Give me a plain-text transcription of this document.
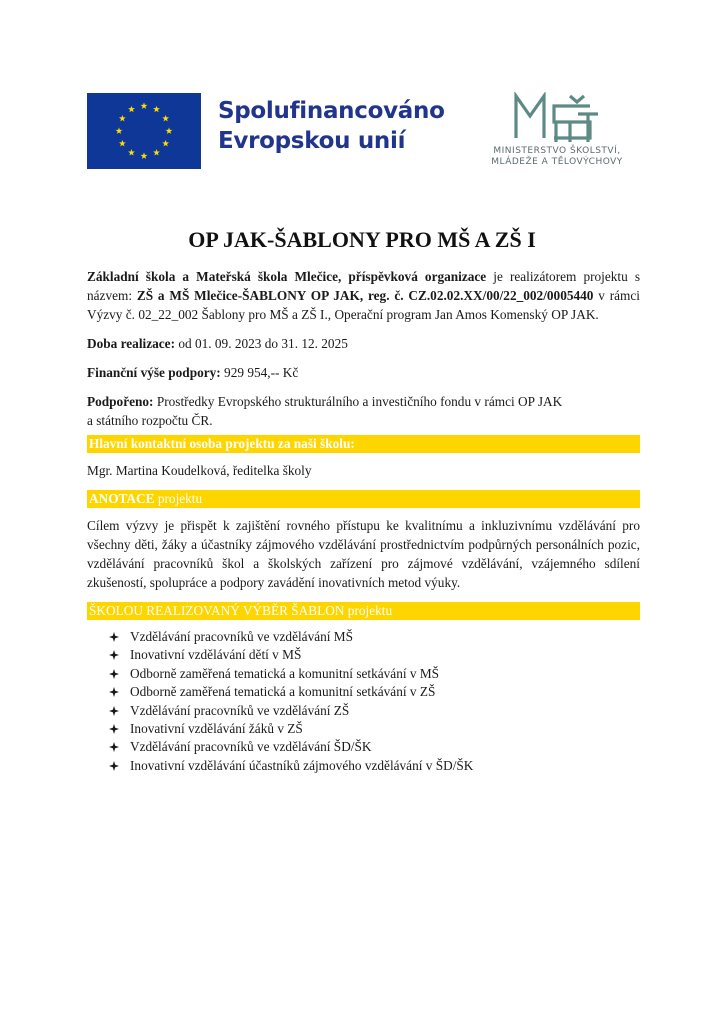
Spolufinancováno
Evropskou unií	MINISTERSTVO ŠKOLSTVÍ,
MLÁDEŽE A TĚLOVÝCHOVY
OP JAK-ŠABLONY PRO MŠ A ZŠ I

Základní škola a Mateřská škola Mlečice, příspěvková organizace je realizátorem projektu s názvem: ZŠ a MŠ Mlečice-ŠABLONY OP JAK, reg. č. CZ.02.02.XX/00/22_002/0005440 v rámci Výzvy č. 02_22_002 Šablony pro MŠ a ZŠ I., Operační program Jan Amos Komenský OP JAK.

Doba realizace: od 01. 09. 2023 do 31. 12. 2025

Finanční výše podpory: 929 954,-- Kč

Podpořeno: Prostředky Evropského strukturálního a investičního fondu v rámci OP JAK
a státního rozpočtu ČR.

Hlavní kontaktní osoba projektu za naši školu:

Mgr. Martina Koudelková, ředitelka školy

ANOTACE projektu

Cílem výzvy je přispět k zajištění rovného přístupu ke kvalitnímu a inkluzivnímu vzdělávání pro všechny děti, žáky a účastníky zájmového vzdělávání prostřednictvím podpůrných personálních pozic, vzdělávání pracovníků škol a školských zařízení pro zájmové vzdělávání, vzájemného sdílení zkušeností, spolupráce a podpory zavádění inovativních metod výuky.

ŠKOLOU REALIZOVANÝ VÝBĚR ŠABLON projektu
Vzdělávání pracovníků ve vzdělávání MŠ
Inovativní vzdělávání dětí v MŠ
Odborně zaměřená tematická a komunitní setkávání v MŠ
Odborně zaměřená tematická a komunitní setkávání v ZŠ
Vzdělávání pracovníků ve vzdělávání ZŠ
Inovativní vzdělávání žáků v ZŠ
Vzdělávání pracovníků ve vzdělávání ŠD/ŠK
Inovativní vzdělávání účastníků zájmového vzdělávání v ŠD/ŠK
